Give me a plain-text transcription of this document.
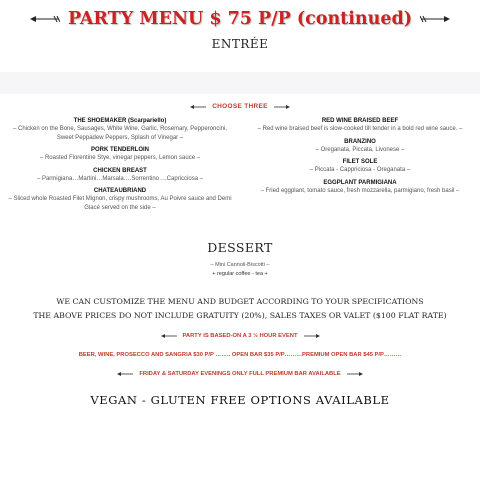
PARTY MENU $ 75 P/P (continued)
ENTRÉE
CHOOSE THREE
THE SHOEMAKER (Scarpariello)
– Chicken on the Bone, Sausages, White Wine, Garlic, Rosemary, Pepperoncini, Sweet Peppadew Peppers, Splash of Vinegar –
PORK TENDERLOIN
– Roasted Florentine Stye, vinegar peppers, Lemon sauce –
CHICKEN BREAST
– Parmigiana…Martini…Marsala….Sorrentino….Capricciosa –
CHATEAUBRIAND
– Sliced whole Roasted Filet Mignon, crispy mushrooms, Au Poivre sauce and Demi Glacé served on the side –
RED WINE BRAISED BEEF
– Red wine braised beef is slow-cooked till tender in a bold red wine sauce. –
BRANZINO
– Oreganata, Piccata, Livonese –
FILET SOLE
– Piccata - Cappriciosa - Oreganata –
EGGPLANT PARMIGIANA
– Fried eggplant, tomato sauce, fresh mozzarella, parmigiano, fresh basil –
DESSERT
– Mini Cannoli-Biscotti –
+ regular coffee - tea +
WE CAN CUSTOMIZE THE MENU AND BUDGET ACCORDING TO YOUR SPECIFICATIONS
THE ABOVE PRICES DO NOT INCLUDE GRATUITY (20%), SALES TAXES OR VALET ($100 FLAT RATE)
PARTY IS BASED-ON A 3 ½ HOUR EVENT
BEER, WINE, PROSECCO AND SANGRIA $30 P/P …….. OPEN BAR $35 P/P………PREMIUM OPEN BAR $45 P/P………
FRIDAY & SATURDAY EVENINGS ONLY FULL PREMIUM BAR AVAILABLE
VEGAN - GLUTEN FREE OPTIONS AVAILABLE
